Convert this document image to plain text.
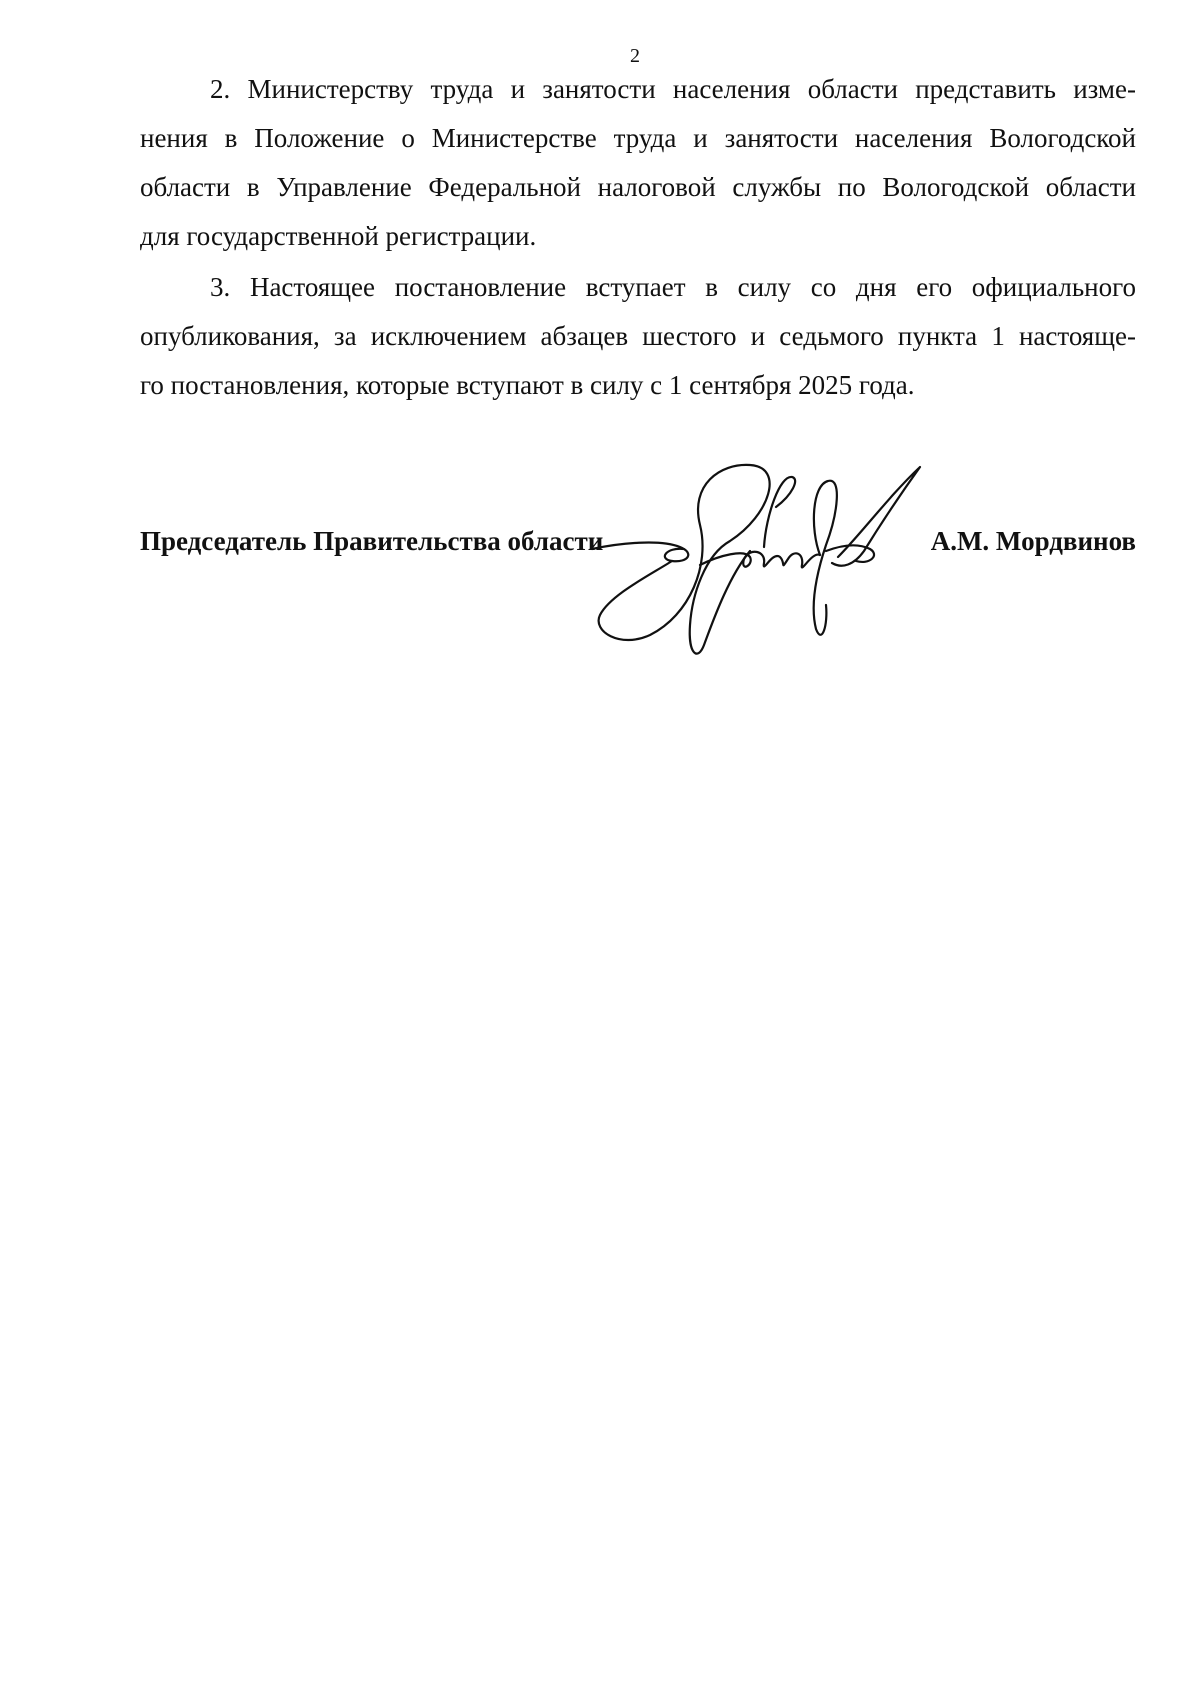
2
2. Министерству труда и занятости населения области представить изме-
нения в Положение о Министерстве труда и занятости населения Вологодской
области в Управление Федеральной налоговой службы по Вологодской области
для государственной регистрации.
3. Настоящее постановление вступает в силу со дня его официального
опубликования, за исключением абзацев шестого и седьмого пункта 1 настояще-
го постановления, которые вступают в силу с 1 сентября 2025 года.
Председатель Правительства области	А.М. Мордвинов
